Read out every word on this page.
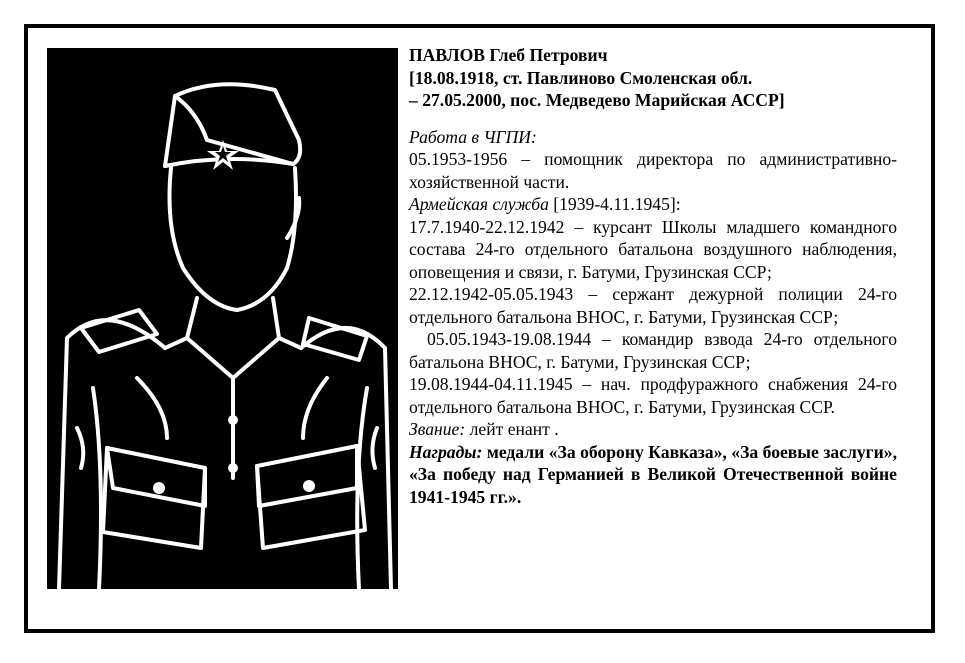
ПАВЛОВ Глеб Петрович

[18.08.1918, ст. Павлиново Смоленская обл.

– 27.05.2000, пос. Медведево Марийская АССР]

Работа в ЧГПИ:

05.1953-1956 – помощник директора по административно-хозяйственной части.

Армейская служба [1939-4.11.1945]:

17.7.1940-22.12.1942 – курсант Школы младшего командного состава 24-го отдельного батальона воздушного наблюдения, оповещения и связи, г. Батуми, Грузинская ССР;

22.12.1942-05.05.1943 – сержант дежурной полиции 24-го отдельного батальона ВНОС, г. Батуми, Грузинская ССР;

05.05.1943-19.08.1944 – командир взвода 24-го отдельного батальона ВНОС, г. Батуми, Грузинская ССР;

19.08.1944-04.11.1945 – нач. продфуражного снабжения 24-го отдельного батальона ВНОС, г. Батуми, Грузинская ССР.

Звание: лейт енант .

Награды: медали «За оборону Кавказа», «За боевые заслуги», «За победу над Германией в Великой Отечественной войне 1941-1945 гг.».
